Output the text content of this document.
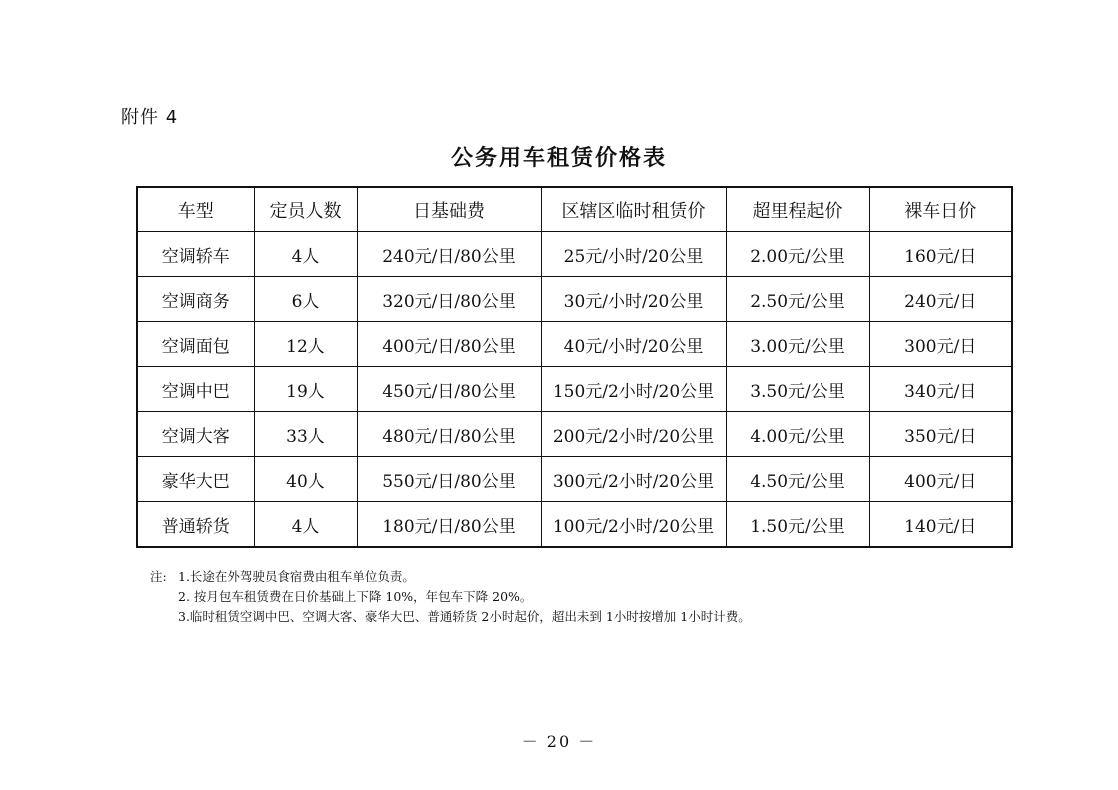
附件 4
公务用车租赁价格表
车型	定员人数	日基础费	区辖区临时租赁价	超里程起价	裸车日价
空调轿车	4人	240元/日/80公里	25元/小时/20公里	2.00元/公里	160元/日
空调商务	6人	320元/日/80公里	30元/小时/20公里	2.50元/公里	240元/日
空调面包	12人	400元/日/80公里	40元/小时/20公里	3.00元/公里	300元/日
空调中巴	19人	450元/日/80公里	150元/2小时/20公里	3.50元/公里	340元/日
空调大客	33人	480元/日/80公里	200元/2小时/20公里	4.00元/公里	350元/日
豪华大巴	40人	550元/日/80公里	300元/2小时/20公里	4.50元/公里	400元/日
普通轿货	4人	180元/日/80公里	100元/2小时/20公里	1.50元/公里	140元/日
注: 1.长途在外驾驶员食宿费由租车单位负责。
2. 按月包车租赁费在日价基础上下降 10%，年包车下降 20%。
3.临时租赁空调中巴、空调大客、豪华大巴、普通轿货 2小时起价，超出未到 1小时按增加 1小时计费。
－ 20 －
